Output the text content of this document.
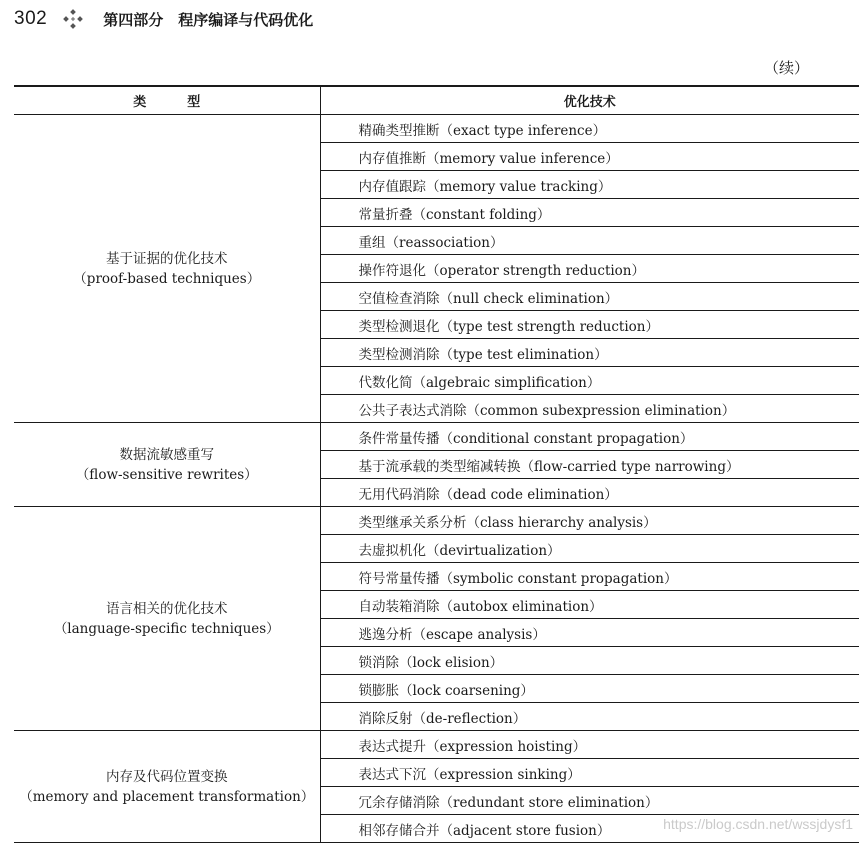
302	第四部分　程序编译与代码优化
（续）
类　型	优化技术

基于证据的优化技术
（proof-based techniques）	精确类型推断（exact type inference）
	内存值推断（memory value inference）
	内存值跟踪（memory value tracking）
	常量折叠（constant folding）
	重组（reassociation）
	操作符退化（operator strength reduction）
	空值检查消除（null check elimination）
	类型检测退化（type test strength reduction）
	类型检测消除（type test elimination）
	代数化简（algebraic simplification）
	公共子表达式消除（common subexpression elimination）

数据流敏感重写
（flow-sensitive rewrites）	条件常量传播（conditional constant propagation）
	基于流承载的类型缩减转换（flow-carried type narrowing）
	无用代码消除（dead code elimination）

语言相关的优化技术
（language-specific techniques）	类型继承关系分析（class hierarchy analysis）
	去虚拟机化（devirtualization）
	符号常量传播（symbolic constant propagation）
	自动装箱消除（autobox elimination）
	逃逸分析（escape analysis）
	锁消除（lock elision）
	锁膨胀（lock coarsening）
	消除反射（de-reflection）

内存及代码位置变换
（memory and placement transformation）	表达式提升（expression hoisting）
	表达式下沉（expression sinking）
	冗余存储消除（redundant store elimination）
	相邻存储合并（adjacent store fusion）	https://blog.csdn.net/wssjdysf1
